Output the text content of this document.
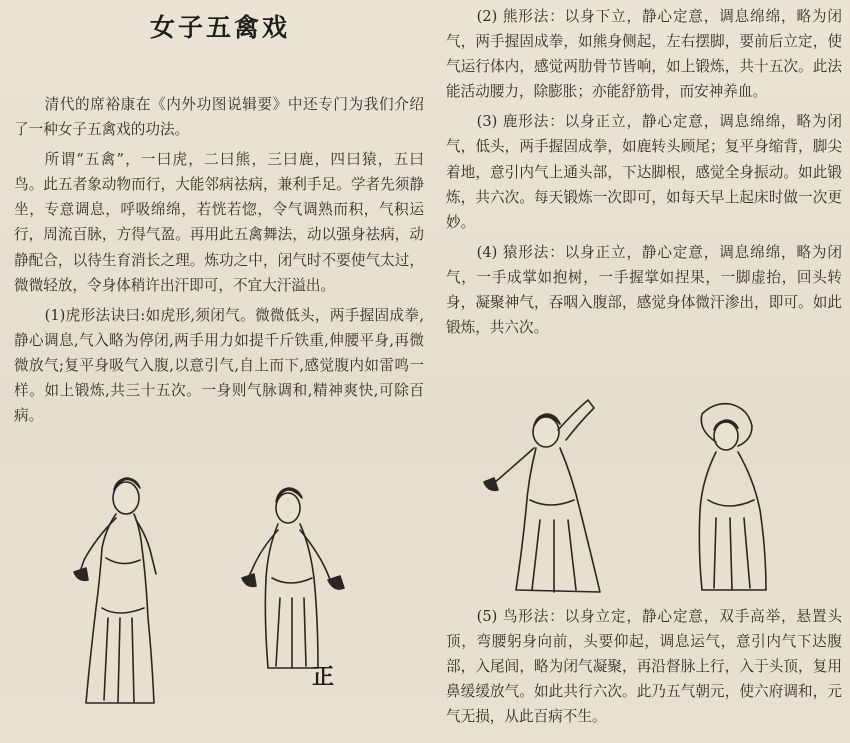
女子五禽戏

清代的席裕康在《内外功图说辑要》中还专门为我们介绍了一种女子五禽戏的功法。

所谓“五禽”，一曰虎，二曰熊，三曰鹿，四曰猿，五曰鸟。此五者象动物而行，大能邻病祛病，兼利手足。学者先须静坐，专意调息，呼吸绵绵，若恍若惚，令气调熟而积，气积运行，周流百脉，方得气盈。再用此五禽舞法，动以强身祛病，动静配合，以待生育消长之理。炼功之中，闭气时不要使气太过，微微轻放，令身体稍许出汗即可，不宜大汗溢出。

(1)虎形法诀曰:如虎形,须闭气。微微低头，两手握固成拳,静心调息,气入略为停闭,两手用力如提千斤铁重,伸腰平身,再微微放气;复平身吸气入腹,以意引气,自上而下,感觉腹内如雷鸣一样。如上锻炼,共三十五次。一身则气脉调和,精神爽快,可除百病。

(2) 熊形法：以身下立，静心定意，调息绵绵，略为闭气，两手握固成拳，如熊身侧起，左右摆脚，要前后立定，使气运行体内，感觉两肋骨节皆响，如上锻炼，共十五次。此法能活动腰力，除膨胀；亦能舒筋骨，而安神养血。

(3) 鹿形法：以身正立，静心定意，调息绵绵，略为闭气，低头，两手握固成拳，如鹿转头顾尾；复平身缩背，脚尖着地，意引内气上通头部，下达脚根，感觉全身振动。如此锻炼，共六次。每天锻炼一次即可，如每天早上起床时做一次更妙。

(4) 猿形法：以身正立，静心定意，调息绵绵，略为闭气，一手成掌如抱树，一手握掌如捏果，一脚虚抬，回头转身，凝聚神气，吞咽入腹部，感觉身体微汗渗出，即可。如此锻炼，共六次。

(5) 鸟形法：以身立定，静心定意，双手高举，悬置头顶，弯腰躬身向前，头要仰起，调息运气，意引内气下达腹部，入尾闾，略为闭气凝聚，再沿督脉上行，入于头顶，复用鼻缓缓放气。如此共行六次。此乃五气朝元，使六府调和，元气无损，从此百病不生。

正
